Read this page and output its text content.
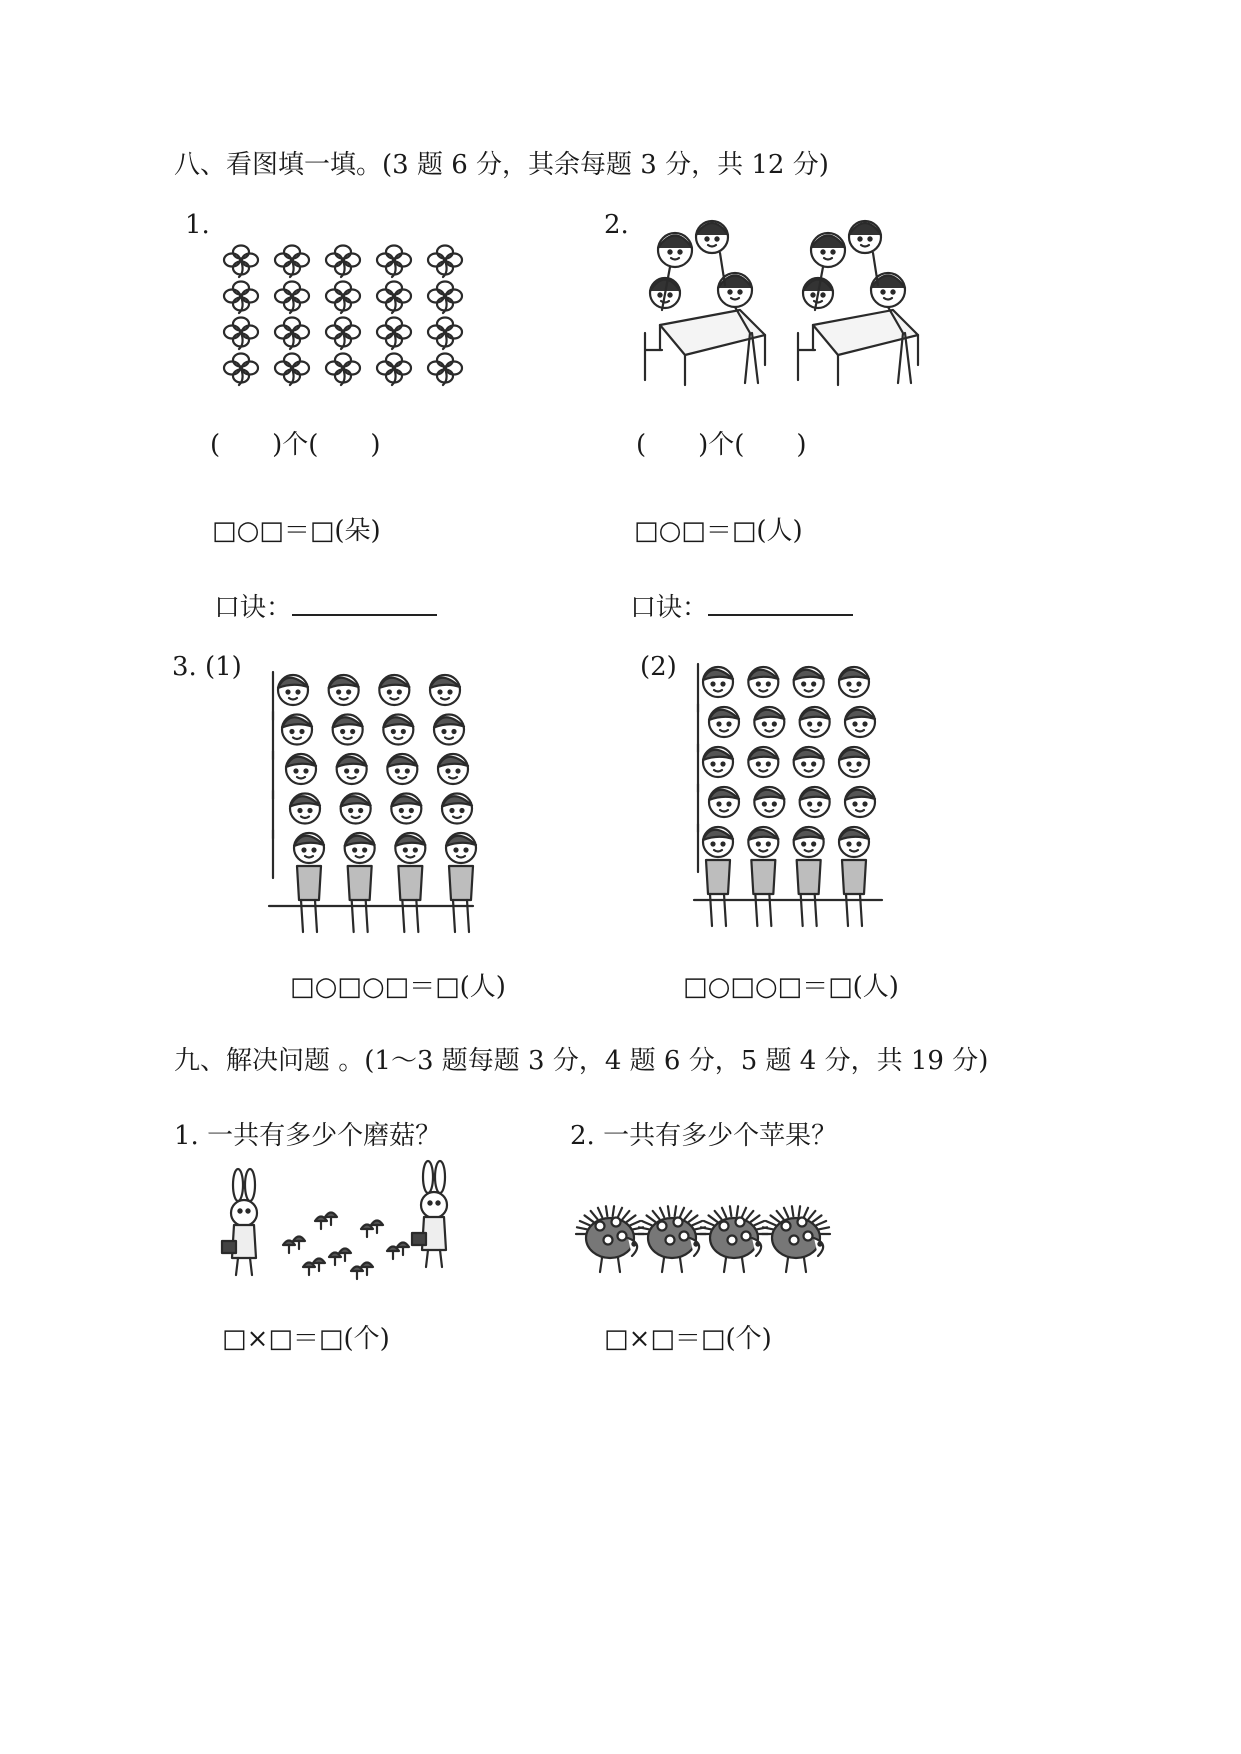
八、看图填一填。(3 题 6 分，其余每题 3 分，共 12 分)
1.
(　　)个(　　)
□○□＝□(朵)
口诀：
2.
(　　)个(　　)
□○□＝□(人)
口诀：
3. (1)	(2)
□○□○□＝□(人)	□○□○□＝□(人)
九、解决问题 。(1～3 题每题 3 分，4 题 6 分，5 题 4 分，共 19 分)
1. 一共有多少个磨菇？
□×□＝□(个)
2. 一共有多少个苹果？
□×□＝□(个)
